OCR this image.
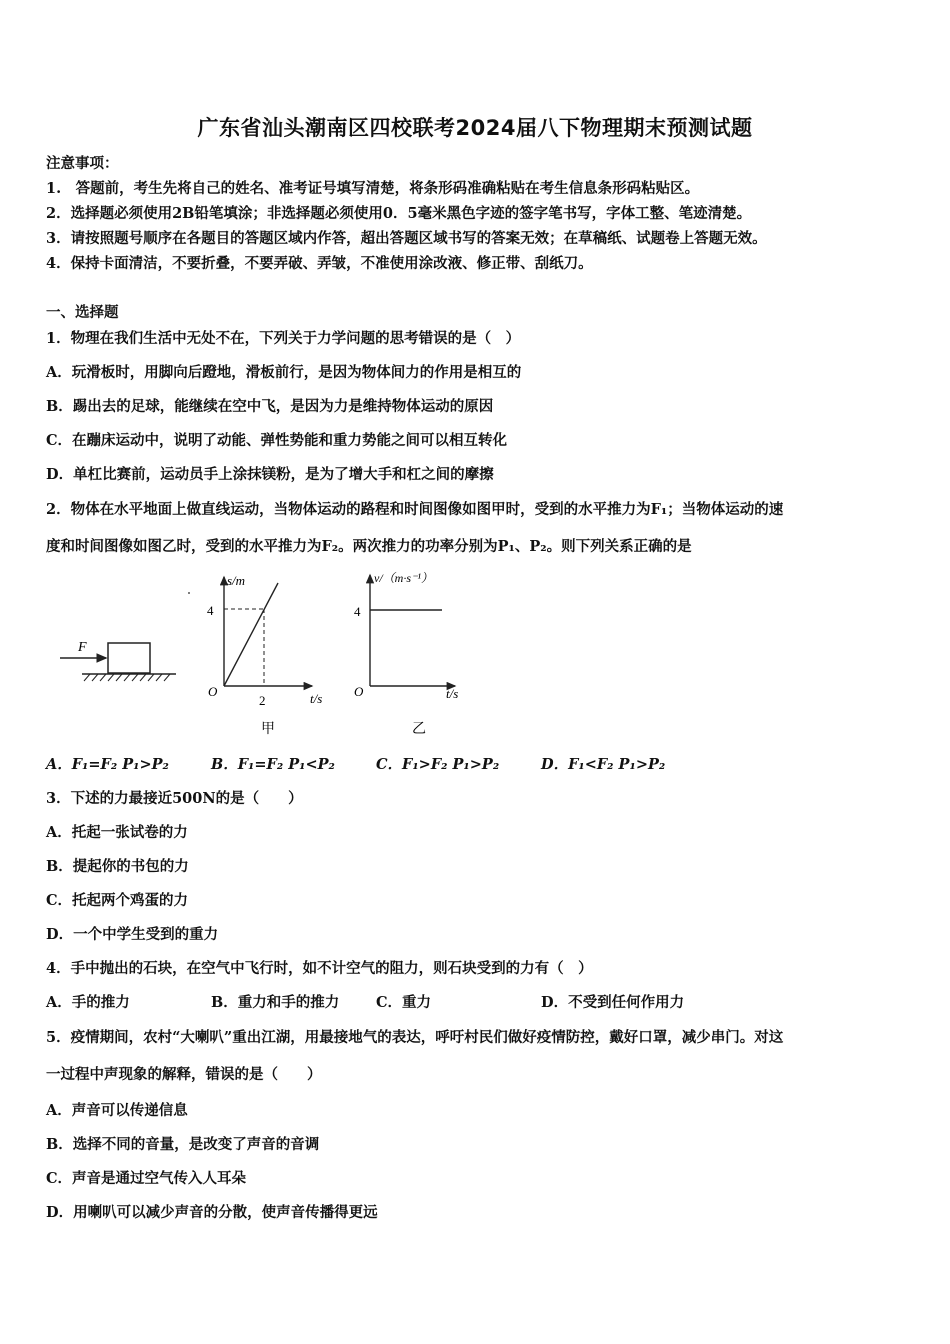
广东省汕头潮南区四校联考2024届八下物理期末预测试题
注意事项：
1.　答题前，考生先将自己的姓名、准考证号填写清楚，将条形码准确粘贴在考生信息条形码粘贴区。
2．选择题必须使用2B铅笔填涂；非选择题必须使用0．5毫米黑色字迹的签字笔书写，字体工整、笔迹清楚。
3．请按照题号顺序在各题目的答题区域内作答，超出答题区域书写的答案无效；在草稿纸、试题卷上答题无效。
4．保持卡面清洁，不要折叠，不要弄破、弄皱，不准使用涂改液、修正带、刮纸刀。
一、选择题
1．物理在我们生活中无处不在，下列关于力学问题的思考错误的是（　）
A．玩滑板时，用脚向后蹬地，滑板前行，是因为物体间力的作用是相互的
B．踢出去的足球，能继续在空中飞，是因为力是维持物体运动的原因
C．在蹦床运动中，说明了动能、弹性势能和重力势能之间可以相互转化
D．单杠比赛前，运动员手上涂抹镁粉，是为了增大手和杠之间的摩擦
2．物体在水平地面上做直线运动，当物体运动的路程和时间图像如图甲时，受到的水平推力为F₁；当物体运动的速
度和时间图像如图乙时，受到的水平推力为F₂。两次推力的功率分别为P₁、P₂。则下列关系正确的是
F
s/m
4
O
2	t/s
甲
v/（m·s⁻¹）
4
O	t/s
乙
A．F₁=F₂ P₁>P₂	B．F₁=F₂ P₁<P₂	C．F₁>F₂ P₁>P₂	D．F₁<F₂ P₁>P₂
3．下述的力最接近500N的是（　　）
A．托起一张试卷的力
B．提起你的书包的力
C．托起两个鸡蛋的力
D．一个中学生受到的重力
4．手中抛出的石块，在空气中飞行时，如不计空气的阻力，则石块受到的力有（　）
A．手的推力	B．重力和手的推力	C．重力	D．不受到任何作用力
5．疫情期间，农村“大喇叭”重出江湖，用最接地气的表达，呼吁村民们做好疫情防控，戴好口罩，减少串门。对这
一过程中声现象的解释，错误的是（　　）
A．声音可以传递信息
B．选择不同的音量，是改变了声音的音调
C．声音是通过空气传入人耳朵
D．用喇叭可以减少声音的分散，使声音传播得更远
